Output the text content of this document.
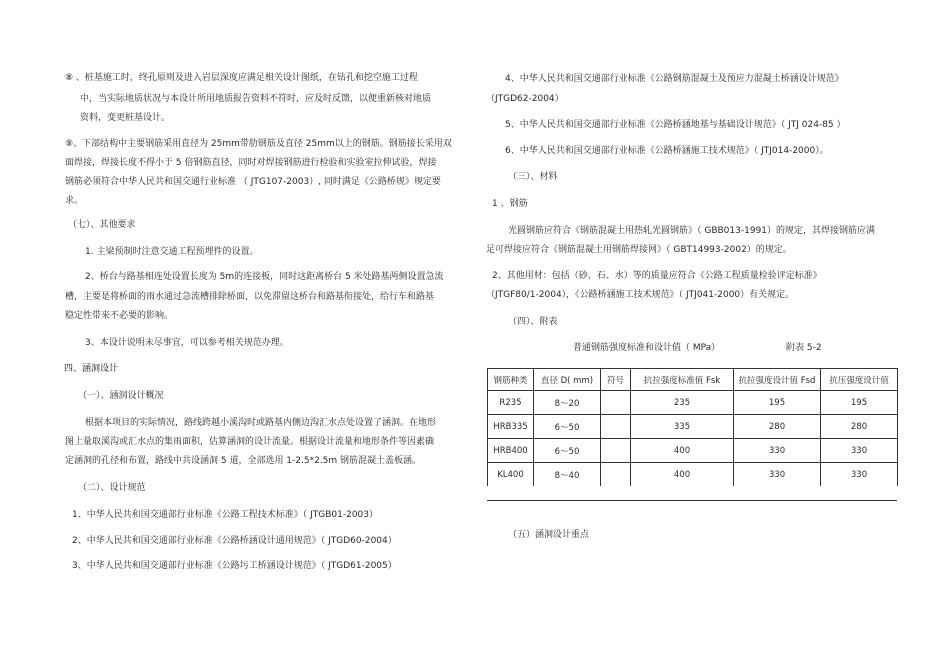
⑧ 、桩基施工时，终孔原则及进入岩层深度应满足相关设计图纸，在钻孔和挖空施工过程
中，当实际地质状况与本设计所用地质报告资料不符时，应及时反馈，以便重新核对地质
资料，变更桩基设计。
⑨、下部结构中主要钢筋采用直径为 25mm带肋钢筋及直径 25mm以上的钢筋。钢筋接长采用双
面焊接，焊接长度不得小于 5 倍钢筋直径，同时对焊接钢筋进行检验和实验室拉伸试验，焊接
钢筋必须符合中华人民共和国交通行业标准 （ JTG107-2003）, 同时满足《公路桥规》规定要
求。
（七）、其他要求
1. 主梁预制时注意交通工程预埋件的设置。
2、桥台与路基相连处设置长度为 5m的连接板，同时这距离桥台 5 米处路基两侧设置急流
槽，主要是将桥面的雨水通过急流槽排除桥面，以免滞留这桥台和路基衔接处，给行车和路基
稳定性带来不必要的影响。
3、本设计说明未尽事宜，可以参考相关规范办理。
四、涵洞设计
（一）、涵洞设计概况
根据本项目的实际情况，路线跨越小溪沟时或路基内侧边沟汇水点处设置了涵洞。在地形
图上量取溪沟或汇水点的集雨面积，估算涵洞的设计流量。根据设计流量和地形条件等因素确
定涵洞的孔径和布置，路线中共设涵洞 5 道，全部选用 1-2.5*2.5m 钢筋混凝土盖板涵。
（二）、设计规范
1、中华人民共和国交通部行业标准《公路工程技术标准》（ JTGB01-2003）
2、中华人民共和国交通部行业标准《公路桥涵设计通用规范》（ JTGD60-2004）
3、中华人民共和国交通部行业标准《公路圬工桥涵设计规范》（ JTGD61-2005）
4、中华人民共和国交通部行业标准《公路钢筋混凝土及预应力混凝土桥涵设计规范》
（JTGD62-2004）
5、中华人民共和国交通部行业标准《公路桥涵地基与基础设计规范》（ JTJ 024-85 ）
6、中华人民共和国交通部行业标准《公路桥涵施工技术规范》（ JTJ014-2000）。
（三）、材料
1 、钢筋
光圆钢筋应符合《钢筋混凝土用热轧光圆钢筋》（ GBB013-1991）的规定，其焊接钢筋应满
足可焊接应符合《钢筋混凝土用钢筋焊接网》（ GBT14993-2002）的规定。
2、其他用材：包括（砂、石、水）等的质量应符合《公路工程质量检验评定标准》
（JTGF80/1-2004），《公路桥涵施工技术规范》（ JTJ041-2000）有关规定。
（四）、附表
普通钢筋强度标准和设计值（ MPa）	附表 5-2
钢筋种类	直径 D( mm)	符号	抗拉强度标准值 Fsk	抗拉强度设计值 Fsd	抗压强度设计值
R235	8～20		235	195	195
HRB335	6～50		335	280	280
HRB400	6～50		400	330	330
KL400	8～40		400	330	330
（五）涵洞设计重点
